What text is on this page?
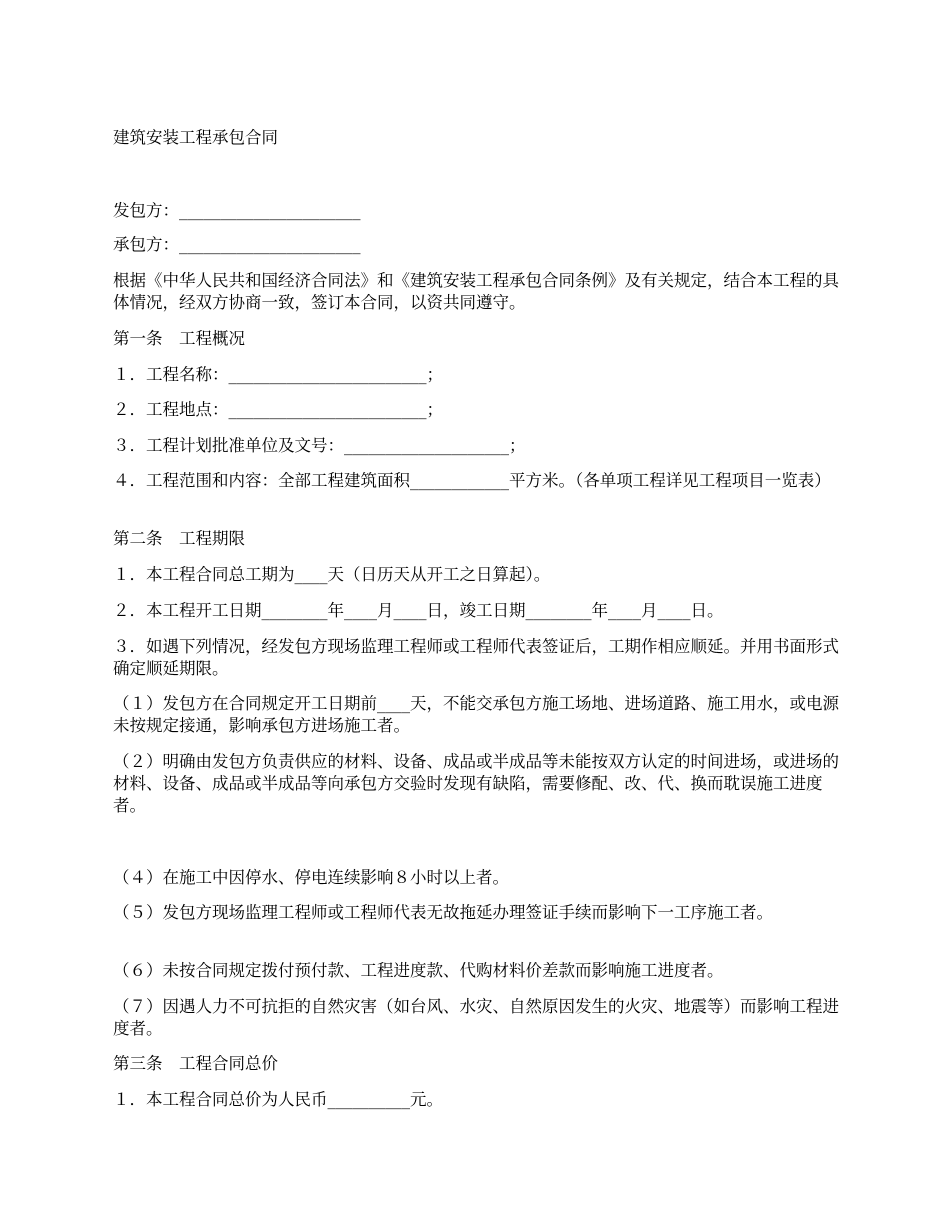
建筑安装工程承包合同

发包方：______________________

承包方：______________________

根据《中华人民共和国经济合同法》和《建筑安装工程承包合同条例》及有关规定，结合本工程的具体情况，经双方协商一致，签订本合同，以资共同遵守。

第一条　工程概况

１．工程名称：________________________；

２．工程地点：________________________；

３．工程计划批准单位及文号：____________________；

４．工程范围和内容：全部工程建筑面积____________平方米。（各单项工程详见工程项目一览表）

第二条　工程期限

１．本工程合同总工期为____天（日历天从开工之日算起）。

２．本工程开工日期________年____月____日，竣工日期________年____月____日。

３．如遇下列情况，经发包方现场监理工程师或工程师代表签证后，工期作相应顺延。并用书面形式确定顺延期限。

（１）发包方在合同规定开工日期前____天，不能交承包方施工场地、进场道路、施工用水，或电源未按规定接通，影响承包方进场施工者。

（２）明确由发包方负责供应的材料、设备、成品或半成品等未能按双方认定的时间进场，或进场的材料、设备、成品或半成品等向承包方交验时发现有缺陷，需要修配、改、代、换而耽误施工进度者。

（４）在施工中因停水、停电连续影响８小时以上者。

（５）发包方现场监理工程师或工程师代表无故拖延办理签证手续而影响下一工序施工者。

（６）未按合同规定拨付预付款、工程进度款、代购材料价差款而影响施工进度者。

（７）因遇人力不可抗拒的自然灾害（如台风、水灾、自然原因发生的火灾、地震等）而影响工程进度者。

第三条　工程合同总价

１．本工程合同总价为人民币__________元。
